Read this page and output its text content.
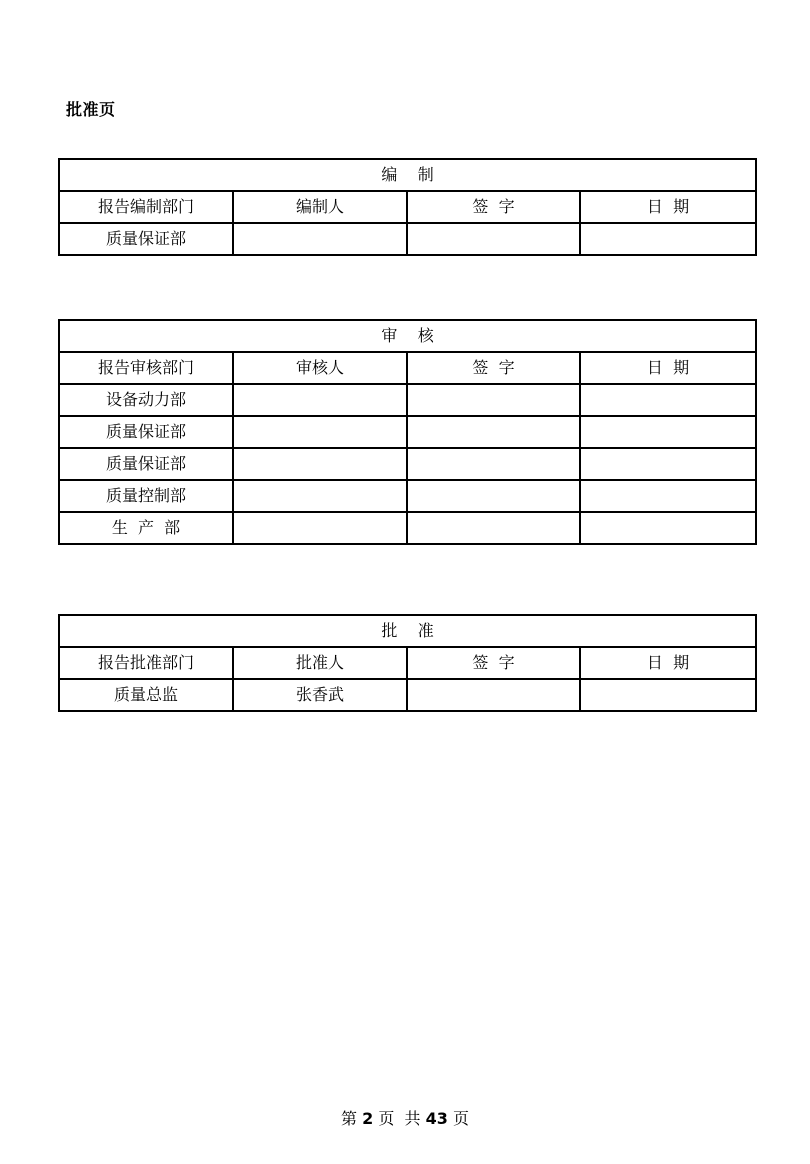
批准页
编    制			
报告编制部门	编制人	签  字	日  期
质量保证部			
审    核			
报告审核部门	审核人	签  字	日  期
设备动力部			
质量保证部			
质量保证部			
质量控制部			
生  产  部			
批    准			
报告批准部门	批准人	签  字	日  期
质量总监	张香武		
第 2 页  共 43 页
